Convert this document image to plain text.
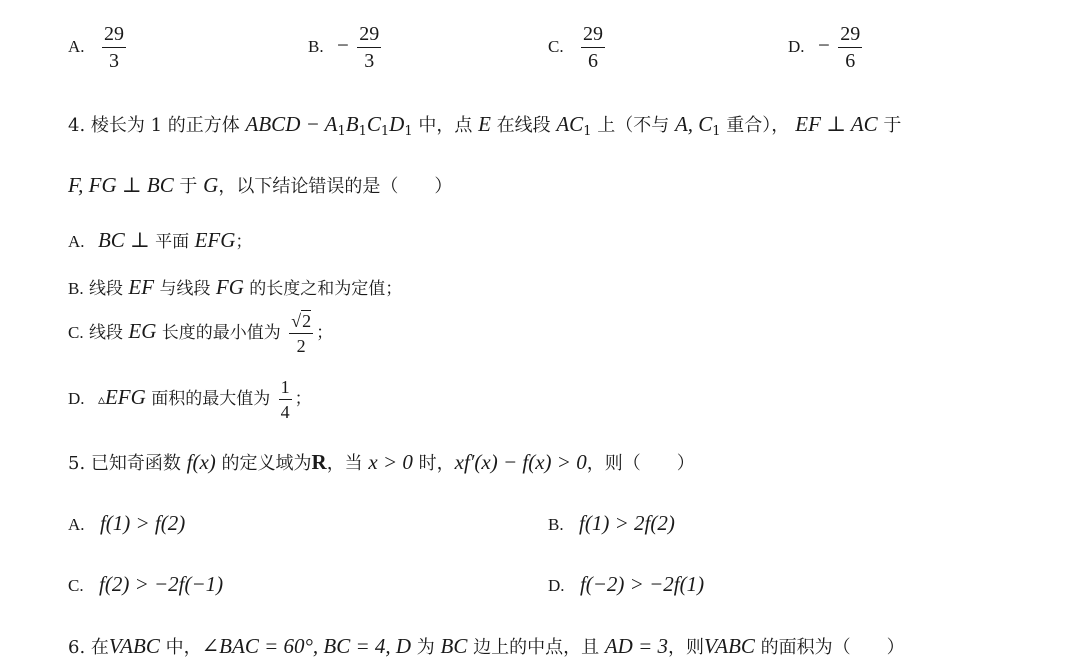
A. $\frac{29}{3}$	B. − $\frac{29}{3}$	C. $\frac{29}{6}$	D. − $\frac{29}{6}$
4. 棱长为 1 的正方体 ABCD − $A_1B_1C_1D_1$ 中，点 E 在线段 $AC_1$ 上（不与 A, $C_1$ 重合）， EF ⊥ AC 于
F, FG ⊥ BC 于 G，以下结论错误的是（　　）
A. BC ⊥ 平面 EFG；
B. 线段 EF 与线段 FG 的长度之和为定值；
C. 线段 EG 长度的最小值为 $\frac{√2}{2}$ ；
D. ▵EFG 面积的最大值为 $\frac{1}{4}$ ；
5. 已知奇函数 f(x) 的定义域为R，当 x > 0 时，xf′(x) − f(x) > 0，则（　　）
A. f(1) > f(2)	B. f(1) > 2f(2)
C. f(2) > −2f(−1)	D. f(−2) > −2f(1)
6. 在VABC 中，∠BAC = 60°, BC = 4, D 为 BC 边上的中点，且 AD = 3，则VABC 的面积为（　　）
